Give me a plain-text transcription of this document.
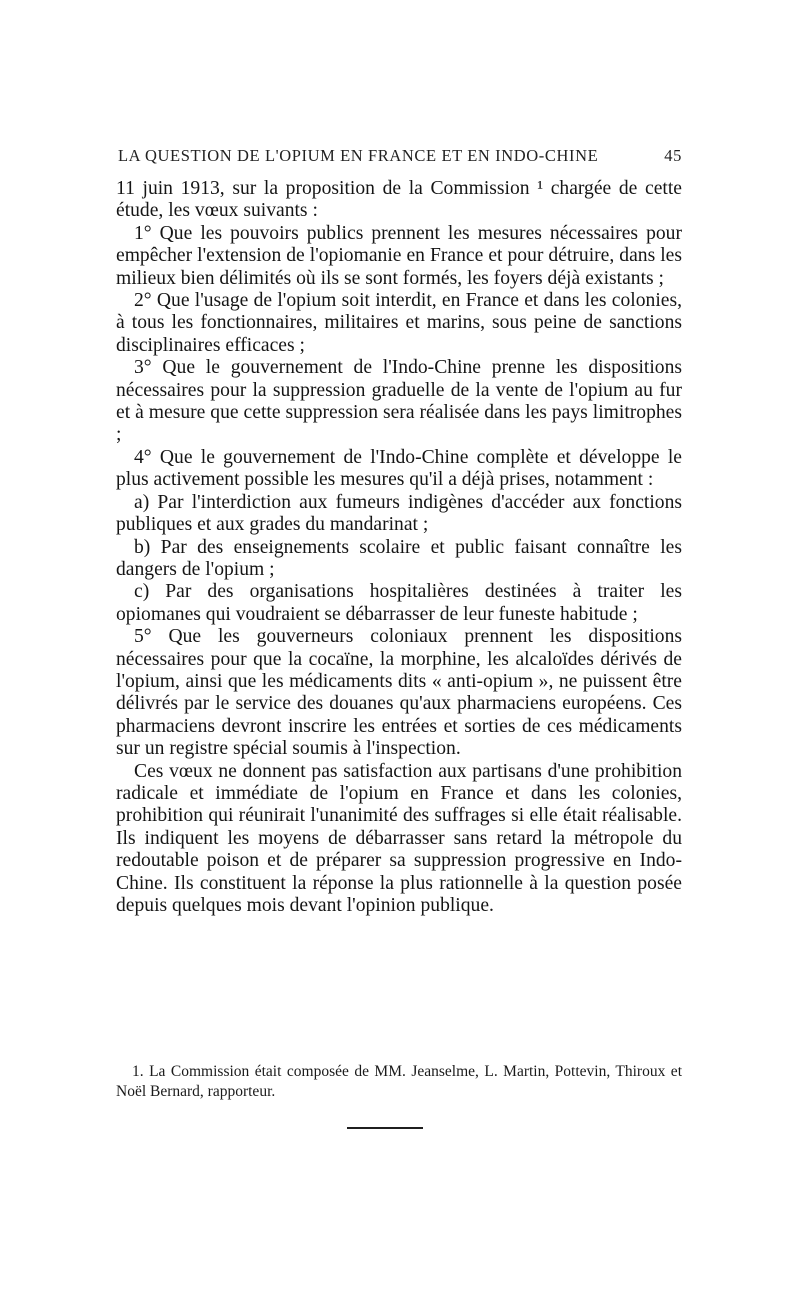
LA QUESTION DE L'OPIUM EN FRANCE ET EN INDO-CHINE	45

11 juin 1913, sur la proposition de la Commission ¹ chargée de cette étude, les vœux suivants :

1° Que les pouvoirs publics prennent les mesures nécessaires pour empêcher l'extension de l'opiomanie en France et pour détruire, dans les milieux bien délimités où ils se sont formés, les foyers déjà existants ;

2° Que l'usage de l'opium soit interdit, en France et dans les colonies, à tous les fonctionnaires, militaires et marins, sous peine de sanctions disciplinaires efficaces ;

3° Que le gouvernement de l'Indo-Chine prenne les dispositions nécessaires pour la suppression graduelle de la vente de l'opium au fur et à mesure que cette suppression sera réalisée dans les pays limitrophes ;

4° Que le gouvernement de l'Indo-Chine complète et développe le plus activement possible les mesures qu'il a déjà prises, notamment :

a) Par l'interdiction aux fumeurs indigènes d'accéder aux fonctions publiques et aux grades du mandarinat ;

b) Par des enseignements scolaire et public faisant connaître les dangers de l'opium ;

c) Par des organisations hospitalières destinées à traiter les opiomanes qui voudraient se débarrasser de leur funeste habitude ;

5° Que les gouverneurs coloniaux prennent les dispositions nécessaires pour que la cocaïne, la morphine, les alcaloïdes dérivés de l'opium, ainsi que les médicaments dits « anti-opium », ne puissent être délivrés par le service des douanes qu'aux pharmaciens européens. Ces pharmaciens devront inscrire les entrées et sorties de ces médicaments sur un registre spécial soumis à l'inspection.

Ces vœux ne donnent pas satisfaction aux partisans d'une prohibition radicale et immédiate de l'opium en France et dans les colonies, prohibition qui réunirait l'unanimité des suffrages si elle était réalisable. Ils indiquent les moyens de débarrasser sans retard la métropole du redoutable poison et de préparer sa suppression progressive en Indo-Chine. Ils constituent la réponse la plus rationnelle à la question posée depuis quelques mois devant l'opinion publique.

1. La Commission était composée de MM. Jeanselme, L. Martin, Pottevin, Thiroux et Noël Bernard, rapporteur.
